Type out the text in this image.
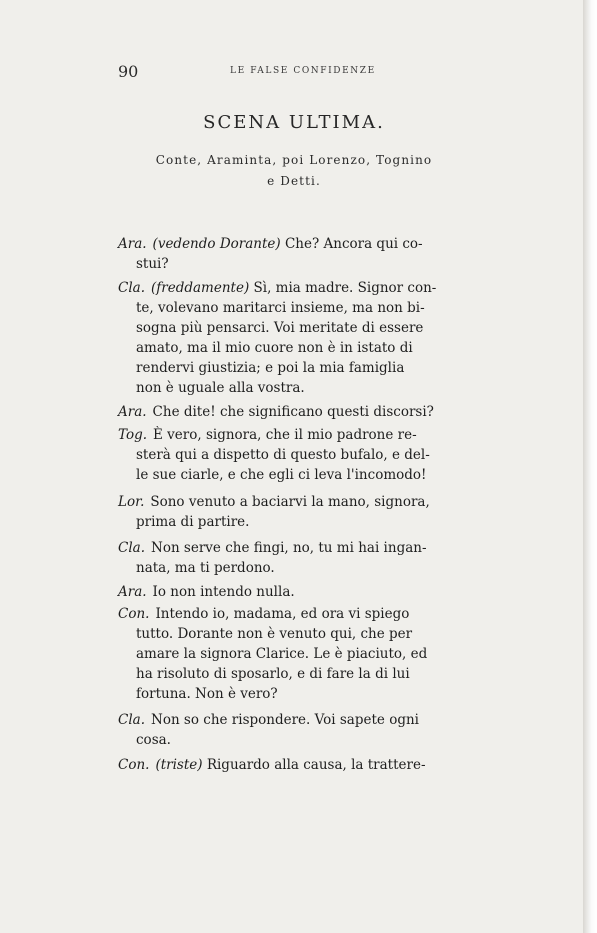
90	LE FALSE CONFIDENZE
SCENA ULTIMA.
Conte, Araminta, poi Lorenzo, Tognino
e Detti.
Ara. (vedendo Dorante) Che? Ancora qui co-
stui?
Cla. (freddamente) Sì, mia madre. Signor con-
te, volevano maritarci insieme, ma non bi-
sogna più pensarci. Voi meritate di essere
amato, ma il mio cuore non è in istato di
rendervi giustizia; e poi la mia famiglia
non è uguale alla vostra.
Ara. Che dite! che significano questi discorsi?
Tog. È vero, signora, che il mio padrone re-
sterà qui a dispetto di questo bufalo, e del-
le sue ciarle, e che egli ci leva l'incomodo!
Lor. Sono venuto a baciarvi la mano, signora,
prima di partire.
Cla. Non serve che fingi, no, tu mi hai ingan-
nata, ma ti perdono.
Ara. Io non intendo nulla.
Con. Intendo io, madama, ed ora vi spiego
tutto. Dorante non è venuto qui, che per
amare la signora Clarice. Le è piaciuto, ed
ha risoluto di sposarlo, e di fare la di lui
fortuna. Non è vero?
Cla. Non so che rispondere. Voi sapete ogni
cosa.
Con. (triste) Riguardo alla causa, la trattere-
